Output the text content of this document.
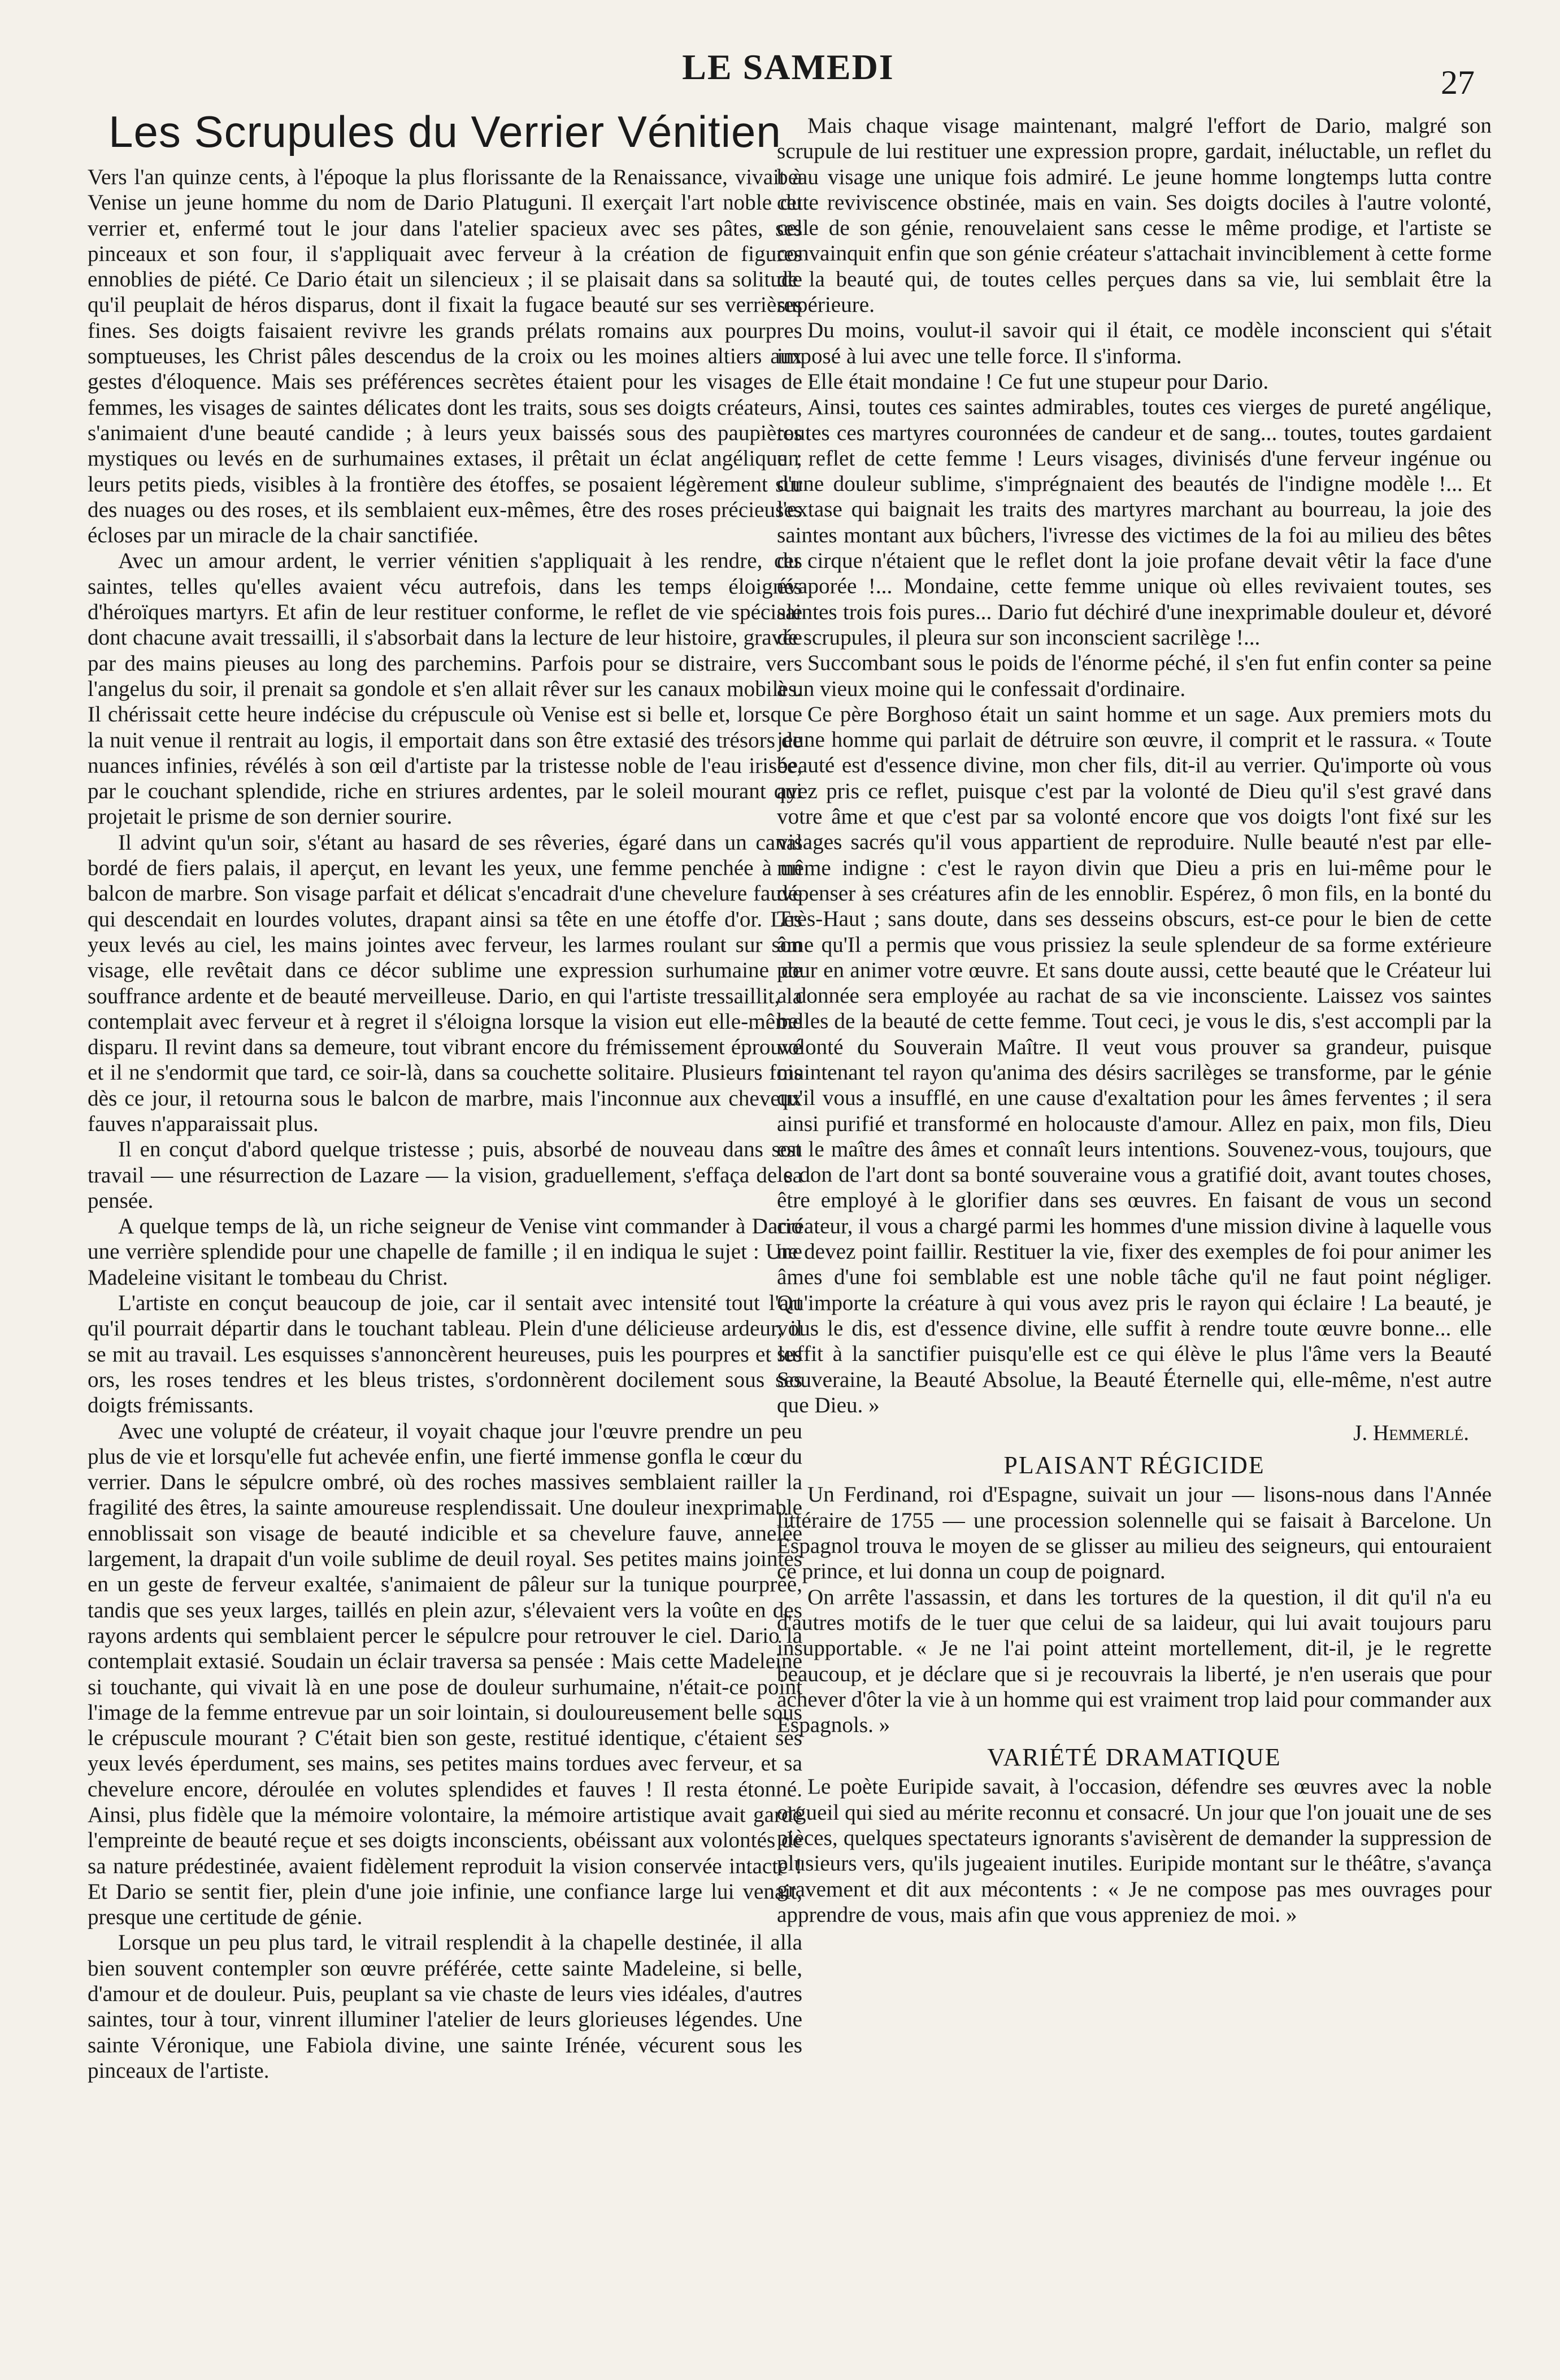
LE SAMEDI	27
Les Scrupules du Verrier Vénitien

Vers l'an quinze cents, à l'époque la plus florissante de la Renaissance, vivait à Venise un jeune homme du nom de Dario Platuguni. Il exerçait l'art noble du verrier et, enfermé tout le jour dans l'atelier spacieux avec ses pâtes, ses pinceaux et son four, il s'appliquait avec ferveur à la création de figures ennoblies de piété. Ce Dario était un silencieux ; il se plaisait dans sa solitude qu'il peuplait de héros disparus, dont il fixait la fugace beauté sur ses verrières fines. Ses doigts faisaient revivre les grands prélats romains aux pourpres somptueuses, les Christ pâles descendus de la croix ou les moines altiers aux gestes d'éloquence. Mais ses préférences secrètes étaient pour les visages de femmes, les visages de saintes délicates dont les traits, sous ses doigts créateurs, s'animaient d'une beauté candide ; à leurs yeux baissés sous des paupières mystiques ou levés en de surhumaines extases, il prêtait un éclat angélique ; leurs petits pieds, visibles à la frontière des étoffes, se posaient légèrement sur des nuages ou des roses, et ils semblaient eux-mêmes, être des roses précieuses écloses par un miracle de la chair sanctifiée.

Avec un amour ardent, le verrier vénitien s'appliquait à les rendre, ces saintes, telles qu'elles avaient vécu autrefois, dans les temps éloignés d'héroïques martyrs. Et afin de leur restituer conforme, le reflet de vie spéciale dont chacune avait tressailli, il s'absorbait dans la lecture de leur histoire, gravée par des mains pieuses au long des parchemins. Parfois pour se distraire, vers l'angelus du soir, il prenait sa gondole et s'en allait rêver sur les canaux mobiles. Il chérissait cette heure indécise du crépuscule où Venise est si belle et, lorsque la nuit venue il rentrait au logis, il emportait dans son être extasié des trésors de nuances infinies, révélés à son œil d'artiste par la tristesse noble de l'eau irisée, par le couchant splendide, riche en striures ardentes, par le soleil mourant qui projetait le prisme de son dernier sourire.

Il advint qu'un soir, s'étant au hasard de ses rêveries, égaré dans un canal bordé de fiers palais, il aperçut, en levant les yeux, une femme penchée à un balcon de marbre. Son visage parfait et délicat s'encadrait d'une chevelure fauve qui descendait en lourdes volutes, drapant ainsi sa tête en une étoffe d'or. Les yeux levés au ciel, les mains jointes avec ferveur, les larmes roulant sur son visage, elle revêtait dans ce décor sublime une expression surhumaine de souffrance ardente et de beauté merveilleuse. Dario, en qui l'artiste tressaillit, la contemplait avec ferveur et à regret il s'éloigna lorsque la vision eut elle-même disparu. Il revint dans sa demeure, tout vibrant encore du frémissement éprouvé et il ne s'endormit que tard, ce soir-là, dans sa couchette solitaire. Plusieurs fois dès ce jour, il retourna sous le balcon de marbre, mais l'inconnue aux cheveux fauves n'apparaissait plus.

Il en conçut d'abord quelque tristesse ; puis, absorbé de nouveau dans son travail — une résurrection de Lazare — la vision, graduellement, s'effaça de sa pensée.

A quelque temps de là, un riche seigneur de Venise vint commander à Dario une verrière splendide pour une chapelle de famille ; il en indiqua le sujet : Une Madeleine visitant le tombeau du Christ.

L'artiste en conçut beaucoup de joie, car il sentait avec intensité tout l'art qu'il pourrait départir dans le touchant tableau. Plein d'une délicieuse ardeur, il se mit au travail. Les esquisses s'annoncèrent heureuses, puis les pourpres et les ors, les roses tendres et les bleus tristes, s'ordonnèrent docilement sous ses doigts frémissants.

Avec une volupté de créateur, il voyait chaque jour l'œuvre prendre un peu plus de vie et lorsqu'elle fut achevée enfin, une fierté immense gonfla le cœur du verrier. Dans le sépulcre ombré, où des roches massives semblaient railler la fragilité des êtres, la sainte amoureuse resplendissait. Une douleur inexprimable ennoblissait son visage de beauté indicible et sa chevelure fauve, annelée largement, la drapait d'un voile sublime de deuil royal. Ses petites mains jointes en un geste de ferveur exaltée, s'animaient de pâleur sur la tunique pourprée, tandis que ses yeux larges, taillés en plein azur, s'élevaient vers la voûte en des rayons ardents qui semblaient percer le sépulcre pour retrouver le ciel. Dario la contemplait extasié. Soudain un éclair traversa sa pensée : Mais cette Madeleine si touchante, qui vivait là en une pose de douleur surhumaine, n'était-ce point l'image de la femme entrevue par un soir lointain, si douloureusement belle sous le crépuscule mourant ? C'était bien son geste, restitué identique, c'étaient ses yeux levés éperdument, ses mains, ses petites mains tordues avec ferveur, et sa chevelure encore, déroulée en volutes splendides et fauves ! Il resta étonné. Ainsi, plus fidèle que la mémoire volontaire, la mémoire artistique avait gardé l'empreinte de beauté reçue et ses doigts inconscients, obéissant aux volontés de sa nature prédestinée, avaient fidèlement reproduit la vision conservée intacte ! Et Dario se sentit fier, plein d'une joie infinie, une confiance large lui venait, presque une certitude de génie.

Lorsque un peu plus tard, le vitrail resplendit à la chapelle destinée, il alla bien souvent contempler son œuvre préférée, cette sainte Madeleine, si belle, d'amour et de douleur. Puis, peuplant sa vie chaste de leurs vies idéales, d'autres saintes, tour à tour, vinrent illuminer l'atelier de leurs glorieuses légendes. Une sainte Véronique, une Fabiola divine, une sainte Irénée, vécurent sous les pinceaux de l'artiste.

Mais chaque visage maintenant, malgré l'effort de Dario, malgré son scrupule de lui restituer une expression propre, gardait, inéluctable, un reflet du beau visage une unique fois admiré. Le jeune homme longtemps lutta contre cette reviviscence obstinée, mais en vain. Ses doigts dociles à l'autre volonté, celle de son génie, renouvelaient sans cesse le même prodige, et l'artiste se convainquit enfin que son génie créateur s'attachait invinciblement à cette forme de la beauté qui, de toutes celles perçues dans sa vie, lui semblait être la supérieure.

Du moins, voulut-il savoir qui il était, ce modèle inconscient qui s'était imposé à lui avec une telle force. Il s'informa.

Elle était mondaine ! Ce fut une stupeur pour Dario.

Ainsi, toutes ces saintes admirables, toutes ces vierges de pureté angélique, toutes ces martyres couronnées de candeur et de sang... toutes, toutes gardaient un reflet de cette femme ! Leurs visages, divinisés d'une ferveur ingénue ou d'une douleur sublime, s'imprégnaient des beautés de l'indigne modèle !... Et l'extase qui baignait les traits des martyres marchant au bourreau, la joie des saintes montant aux bûchers, l'ivresse des victimes de la foi au milieu des bêtes du cirque n'étaient que le reflet dont la joie profane devait vêtir la face d'une évaporée !... Mondaine, cette femme unique où elles revivaient toutes, ses saintes trois fois pures... Dario fut déchiré d'une inexprimable douleur et, dévoré de scrupules, il pleura sur son inconscient sacrilège !...

Succombant sous le poids de l'énorme péché, il s'en fut enfin conter sa peine à un vieux moine qui le confessait d'ordinaire.

Ce père Borghoso était un saint homme et un sage. Aux premiers mots du jeune homme qui parlait de détruire son œuvre, il comprit et le rassura. « Toute beauté est d'essence divine, mon cher fils, dit-il au verrier. Qu'importe où vous ayez pris ce reflet, puisque c'est par la volonté de Dieu qu'il s'est gravé dans votre âme et que c'est par sa volonté encore que vos doigts l'ont fixé sur les visages sacrés qu'il vous appartient de reproduire. Nulle beauté n'est par elle-même indigne : c'est le rayon divin que Dieu a pris en lui-même pour le dépenser à ses créatures afin de les ennoblir. Espérez, ô mon fils, en la bonté du Très-Haut ; sans doute, dans ses desseins obscurs, est-ce pour le bien de cette âme qu'Il a permis que vous prissiez la seule splendeur de sa forme extérieure pour en animer votre œuvre. Et sans doute aussi, cette beauté que le Créateur lui a donnée sera employée au rachat de sa vie inconsciente. Laissez vos saintes belles de la beauté de cette femme. Tout ceci, je vous le dis, s'est accompli par la volonté du Souverain Maître. Il veut vous prouver sa grandeur, puisque maintenant tel rayon qu'anima des désirs sacrilèges se transforme, par le génie qu'il vous a insufflé, en une cause d'exaltation pour les âmes ferventes ; il sera ainsi purifié et transformé en holocauste d'amour. Allez en paix, mon fils, Dieu est le maître des âmes et connaît leurs intentions. Souvenez-vous, toujours, que le don de l'art dont sa bonté souveraine vous a gratifié doit, avant toutes choses, être employé à le glorifier dans ses œuvres. En faisant de vous un second créateur, il vous a chargé parmi les hommes d'une mission divine à laquelle vous ne devez point faillir. Restituer la vie, fixer des exemples de foi pour animer les âmes d'une foi semblable est une noble tâche qu'il ne faut point négliger. Qu'importe la créature à qui vous avez pris le rayon qui éclaire ! La beauté, je vous le dis, est d'essence divine, elle suffit à rendre toute œuvre bonne... elle suffit à la sanctifier puisqu'elle est ce qui élève le plus l'âme vers la Beauté Souveraine, la Beauté Absolue, la Beauté Éternelle qui, elle-même, n'est autre que Dieu. »

J. Hemmerlé.
PLAISANT RÉGICIDE

Un Ferdinand, roi d'Espagne, suivait un jour — lisons-nous dans l'Année littéraire de 1755 — une procession solennelle qui se faisait à Barcelone. Un Espagnol trouva le moyen de se glisser au milieu des seigneurs, qui entouraient ce prince, et lui donna un coup de poignard.

On arrête l'assassin, et dans les tortures de la question, il dit qu'il n'a eu d'autres motifs de le tuer que celui de sa laideur, qui lui avait toujours paru insupportable. « Je ne l'ai point atteint mortellement, dit-il, je le regrette beaucoup, et je déclare que si je recouvrais la liberté, je n'en userais que pour achever d'ôter la vie à un homme qui est vraiment trop laid pour commander aux Espagnols. »

VARIÉTÉ DRAMATIQUE

Le poète Euripide savait, à l'occasion, défendre ses œuvres avec la noble orgueil qui sied au mérite reconnu et consacré. Un jour que l'on jouait une de ses pièces, quelques spectateurs ignorants s'avisèrent de demander la suppression de plusieurs vers, qu'ils jugeaient inutiles. Euripide montant sur le théâtre, s'avança gravement et dit aux mécontents : « Je ne compose pas mes ouvrages pour apprendre de vous, mais afin que vous appreniez de moi. »
